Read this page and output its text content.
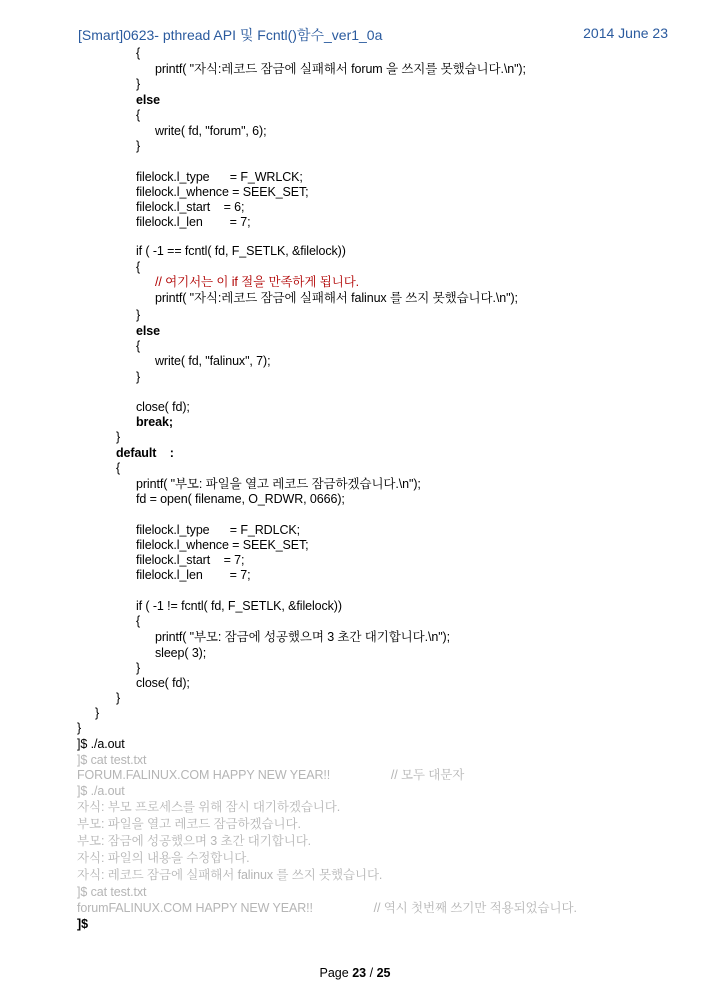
[Smart]0623- pthread API 및 Fcntl()함수_ver1_0a	2014 June 23
{
printf( "자식:레코드 잠금에 실패해서 forum 을 쓰지를 못했습니다.\n");
}
else
{
write( fd, "forum", 6);
}
filelock.l_type      = F_WRLCK;
filelock.l_whence = SEEK_SET;
filelock.l_start    = 6;
filelock.l_len        = 7;
if ( -1 == fcntl( fd, F_SETLK, &filelock))
{
// 여기서는 이 if 절을 만족하게 됩니다.
printf( "자식:레코드 잠금에 실패해서 falinux 를 쓰지 못했습니다.\n");
}
else
{
write( fd, "falinux", 7);
}
close( fd);
break;
}
default    :
{
printf( "부모: 파일을 열고 레코드 잠금하겠습니다.\n");
fd = open( filename, O_RDWR, 0666);
filelock.l_type      = F_RDLCK;
filelock.l_whence = SEEK_SET;
filelock.l_start    = 7;
filelock.l_len        = 7;
if ( -1 != fcntl( fd, F_SETLK, &filelock))
{
printf( "부모: 잠금에 성공했으며 3 초간 대기합니다.\n");
sleep( 3);
}
close( fd);
}
}
}
]$ ./a.out
]$ cat test.txt
FORUM.FALINUX.COM HAPPY NEW YEAR!!                  // 모두 대문자
]$ ./a.out
자식: 부모 프로세스를 위해 잠시 대기하겠습니다.
부모: 파일을 열고 레코드 잠금하겠습니다.
부모: 잠금에 성공했으며 3 초간 대기합니다.
자식: 파일의 내용을 수정합니다.
자식: 레코드 잠금에 실패해서 falinux 를 쓰지 못했습니다.
]$ cat test.txt
forumFALINUX.COM HAPPY NEW YEAR!!                  // 역시 첫번째 쓰기만 적용되었습니다.
]$
Page 23 / 25
